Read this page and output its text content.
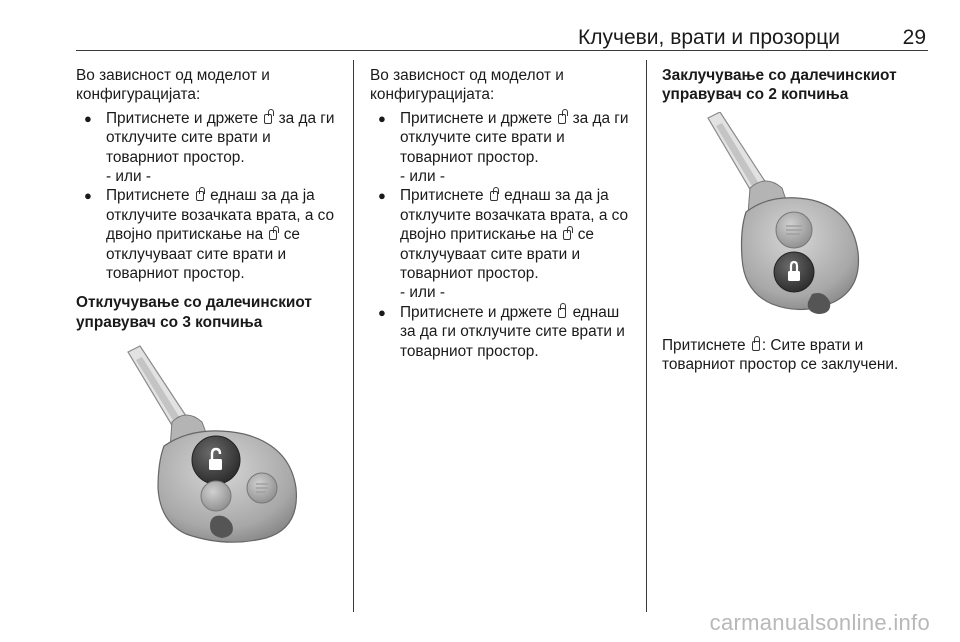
Клучеви, врати и прозорци	29

Во зависност од моделот и конфигурацијата:

● Притиснете и држете за да ги отклучите сите врати и товарниот простор.

- или -

● Притиснете еднаш за да ја отклучите возачката врата, а со двојно притискање на се отклучуваат сите врати и товарниот простор.

Отклучување со далечинскиот управувач со 3 копчиња

Во зависност од моделот и конфигурацијата:

● Притиснете и држете за да ги отклучите сите врати и товарниот простор.

- или -

● Притиснете еднаш за да ја отклучите возачката врата, а со двојно притискање на се отклучуваат сите врати и товарниот простор.

- или -

● Притиснете и држете еднаш за да ги отклучите сите врати и товарниот простор.

Заклучување со далечинскиот управувач со 2 копчиња

Притиснете : Сите врати и товарниот простор се заклучени.

carmanualsonline.info
